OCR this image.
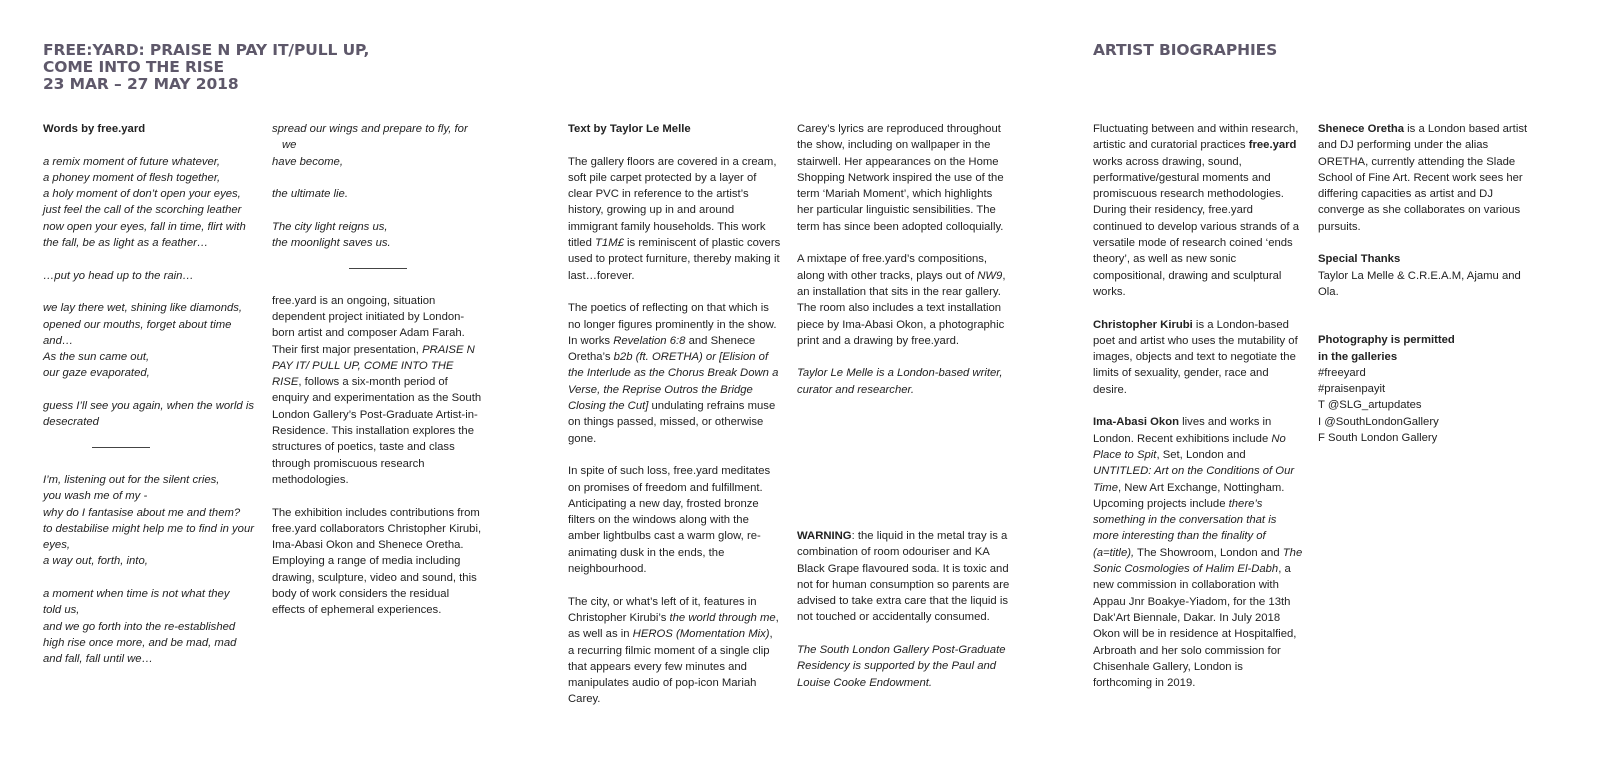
FREE:YARD: PRAISE N PAY IT/PULL UP,
COME INTO THE RISE
23 MAR – 27 MAY 2018
ARTIST BIOGRAPHIES
Words by free.yard

a remix moment of future whatever,
a phoney moment of flesh together,
a holy moment of don’t open your eyes,
just feel the call of the scorching leather
now open your eyes, fall in time, flirt with
the fall, be as light as a feather…

…put yo head up to the rain…

we lay there wet, shining like diamonds,
opened our mouths, forget about time
and…
As the sun came out,
our gaze evaporated,

guess I’ll see you again, when the world is
desecrated

I’m, listening out for the silent cries,
you wash me of my -
why do I fantasise about me and them?
to destabilise might help me to find in your
eyes,
a way out, forth, into,

a moment when time is not what they
told us,
and we go forth into the re-established
high rise once more, and be mad, mad
and fall, fall until we…

spread our wings and prepare to fly, for we
have become,

the ultimate lie.

The city light reigns us,
the moonlight saves us.

free.yard is an ongoing, situation dependent project initiated by London-born artist and composer Adam Farah. Their first major presentation, PRAISE N PAY IT/ PULL UP, COME INTO THE RISE, follows a six-month period of enquiry and experimentation as the South London Gallery’s Post-Graduate Artist-in-Residence. This installation explores the structures of poetics, taste and class through promiscuous research methodologies.

The exhibition includes contributions from free.yard collaborators Christopher Kirubi, Ima-Abasi Okon and Shenece Oretha. Employing a range of media including drawing, sculpture, video and sound, this body of work considers the residual effects of ephemeral experiences.

Text by Taylor Le Melle

The gallery floors are covered in a cream, soft pile carpet protected by a layer of clear PVC in reference to the artist’s history, growing up in and around immigrant family households. This work titled T1M£ is reminiscent of plastic covers used to protect furniture, thereby making it last…forever.

The poetics of reflecting on that which is no longer figures prominently in the show. In works Revelation 6:8 and Shenece Oretha’s b2b (ft. ORETHA) or [Elision of the Interlude as the Chorus Break Down a Verse, the Reprise Outros the Bridge Closing the Cut] undulating refrains muse on things passed, missed, or otherwise gone.

In spite of such loss, free.yard meditates on promises of freedom and fulfillment. Anticipating a new day, frosted bronze filters on the windows along with the amber lightbulbs cast a warm glow, re-animating dusk in the ends, the neighbourhood.

The city, or what’s left of it, features in Christopher Kirubi’s the world through me, as well as in HEROS (Momentation Mix), a recurring filmic moment of a single clip that appears every few minutes and manipulates audio of pop-icon Mariah Carey.

Carey’s lyrics are reproduced throughout the show, including on wallpaper in the stairwell. Her appearances on the Home Shopping Network inspired the use of the term ‘Mariah Moment’, which highlights her particular linguistic sensibilities. The term has since been adopted colloquially.

A mixtape of free.yard’s compositions, along with other tracks, plays out of NW9, an installation that sits in the rear gallery. The room also includes a text installation piece by Ima-Abasi Okon, a photographic print and a drawing by free.yard.

Taylor Le Melle is a London-based writer, curator and researcher.

WARNING: the liquid in the metal tray is a combination of room odouriser and KA Black Grape flavoured soda. It is toxic and not for human consumption so parents are advised to take extra care that the liquid is not touched or accidentally consumed.

The South London Gallery Post-Graduate Residency is supported by the Paul and Louise Cooke Endowment.

Fluctuating between and within research, artistic and curatorial practices free.yard works across drawing, sound, performative/gestural moments and promiscuous research methodologies. During their residency, free.yard continued to develop various strands of a versatile mode of research coined ‘ends theory’, as well as new sonic compositional, drawing and sculptural works.

Christopher Kirubi is a London-based poet and artist who uses the mutability of images, objects and text to negotiate the limits of sexuality, gender, race and desire.

Ima-Abasi Okon lives and works in London. Recent exhibitions include No Place to Spit, Set, London and UNTITLED: Art on the Conditions of Our Time, New Art Exchange, Nottingham. Upcoming projects include there’s something in the conversation that is more interesting than the finality of (a=title), The Showroom, London and The Sonic Cosmologies of Halim El-Dabh, a new commission in collaboration with Appau Jnr Boakye-Yiadom, for the 13th Dak’Art Biennale, Dakar. In July 2018 Okon will be in residence at Hospitalfied, Arbroath and her solo commission for Chisenhale Gallery, London is forthcoming in 2019.

Shenece Oretha is a London based artist and DJ performing under the alias ORETHA, currently attending the Slade School of Fine Art. Recent work sees her differing capacities as artist and DJ converge as she collaborates on various pursuits.

Special Thanks

Taylor La Melle & C.R.E.A.M, Ajamu and Ola.

Photography is permitted
in the galleries
#freeyard
#praisenpayit
T @SLG_artupdates
I @SouthLondonGallery
F South London Gallery
